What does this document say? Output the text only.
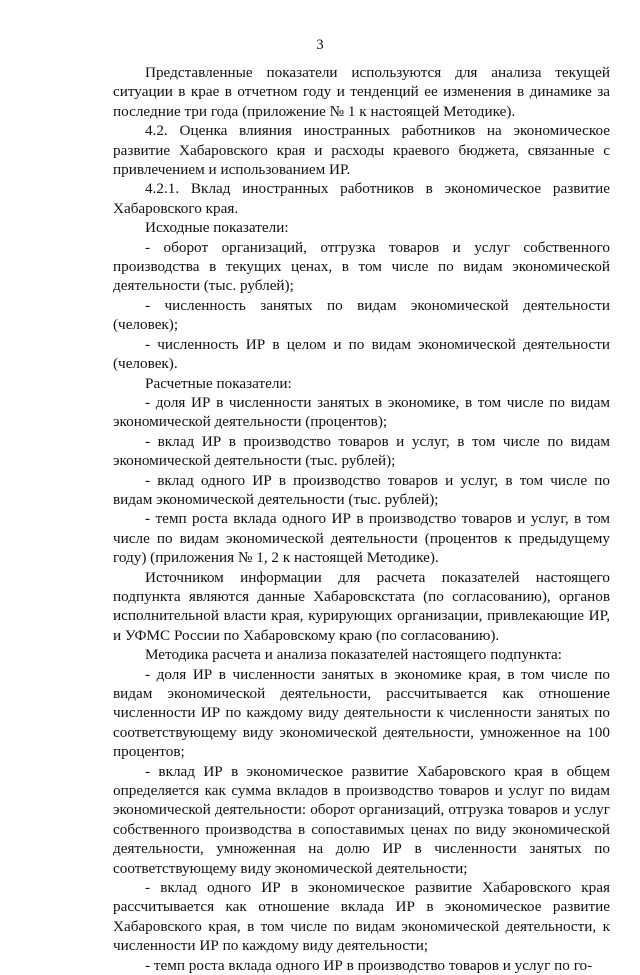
3

Представленные показатели используются для анализа текущей ситуации в крае в отчетном году и тенденций ее изменения в динамике за последние три года (приложение № 1 к настоящей Методике).

4.2. Оценка влияния иностранных работников на экономическое развитие Хабаровского края и расходы краевого бюджета, связанные с привлечением и использованием ИР.

4.2.1. Вклад иностранных работников в экономическое развитие Хабаровского края.

Исходные показатели:

- оборот организаций, отгрузка товаров и услуг собственного производства в текущих ценах, в том числе по видам экономической деятельности (тыс. рублей);

- численность занятых по видам экономической деятельности (человек);

- численность ИР в целом и по видам экономической деятельности (человек).

Расчетные показатели:

- доля ИР в численности занятых в экономике, в том числе по видам экономической деятельности (процентов);

- вклад ИР в производство товаров и услуг, в том числе по видам экономической деятельности (тыс. рублей);

- вклад одного ИР в производство товаров и услуг, в том числе по видам экономической деятельности (тыс. рублей);

- темп роста вклада одного ИР в производство товаров и услуг, в том числе по видам экономической деятельности (процентов к предыдущему году) (приложения № 1, 2 к настоящей Методике).

Источником информации для расчета показателей настоящего подпункта являются данные Хабаровскстата (по согласованию), органов исполнительной власти края, курирующих организации, привлекающие ИР, и УФМС России по Хабаровскому краю (по согласованию).

Методика расчета и анализа показателей настоящего подпункта:

- доля ИР в численности занятых в экономике края, в том числе по видам экономической деятельности, рассчитывается как отношение численности ИР по каждому виду деятельности к численности занятых по соответствующему виду экономической деятельности, умноженное на 100 процентов;

- вклад ИР в экономическое развитие Хабаровского края в общем определяется как сумма вкладов в производство товаров и услуг по видам экономической деятельности: оборот организаций, отгрузка товаров и услуг собственного производства в сопоставимых ценах по виду экономической деятельности, умноженная на долю ИР в численности занятых по соответствующему виду экономической деятельности;

- вклад одного ИР в экономическое развитие Хабаровского края рассчитывается как отношение вклада ИР в экономическое развитие Хабаровского края, в том числе по видам экономической деятельности, к численности ИР по каждому виду деятельности;

- темп роста вклада одного ИР в производство товаров и услуг по го-
